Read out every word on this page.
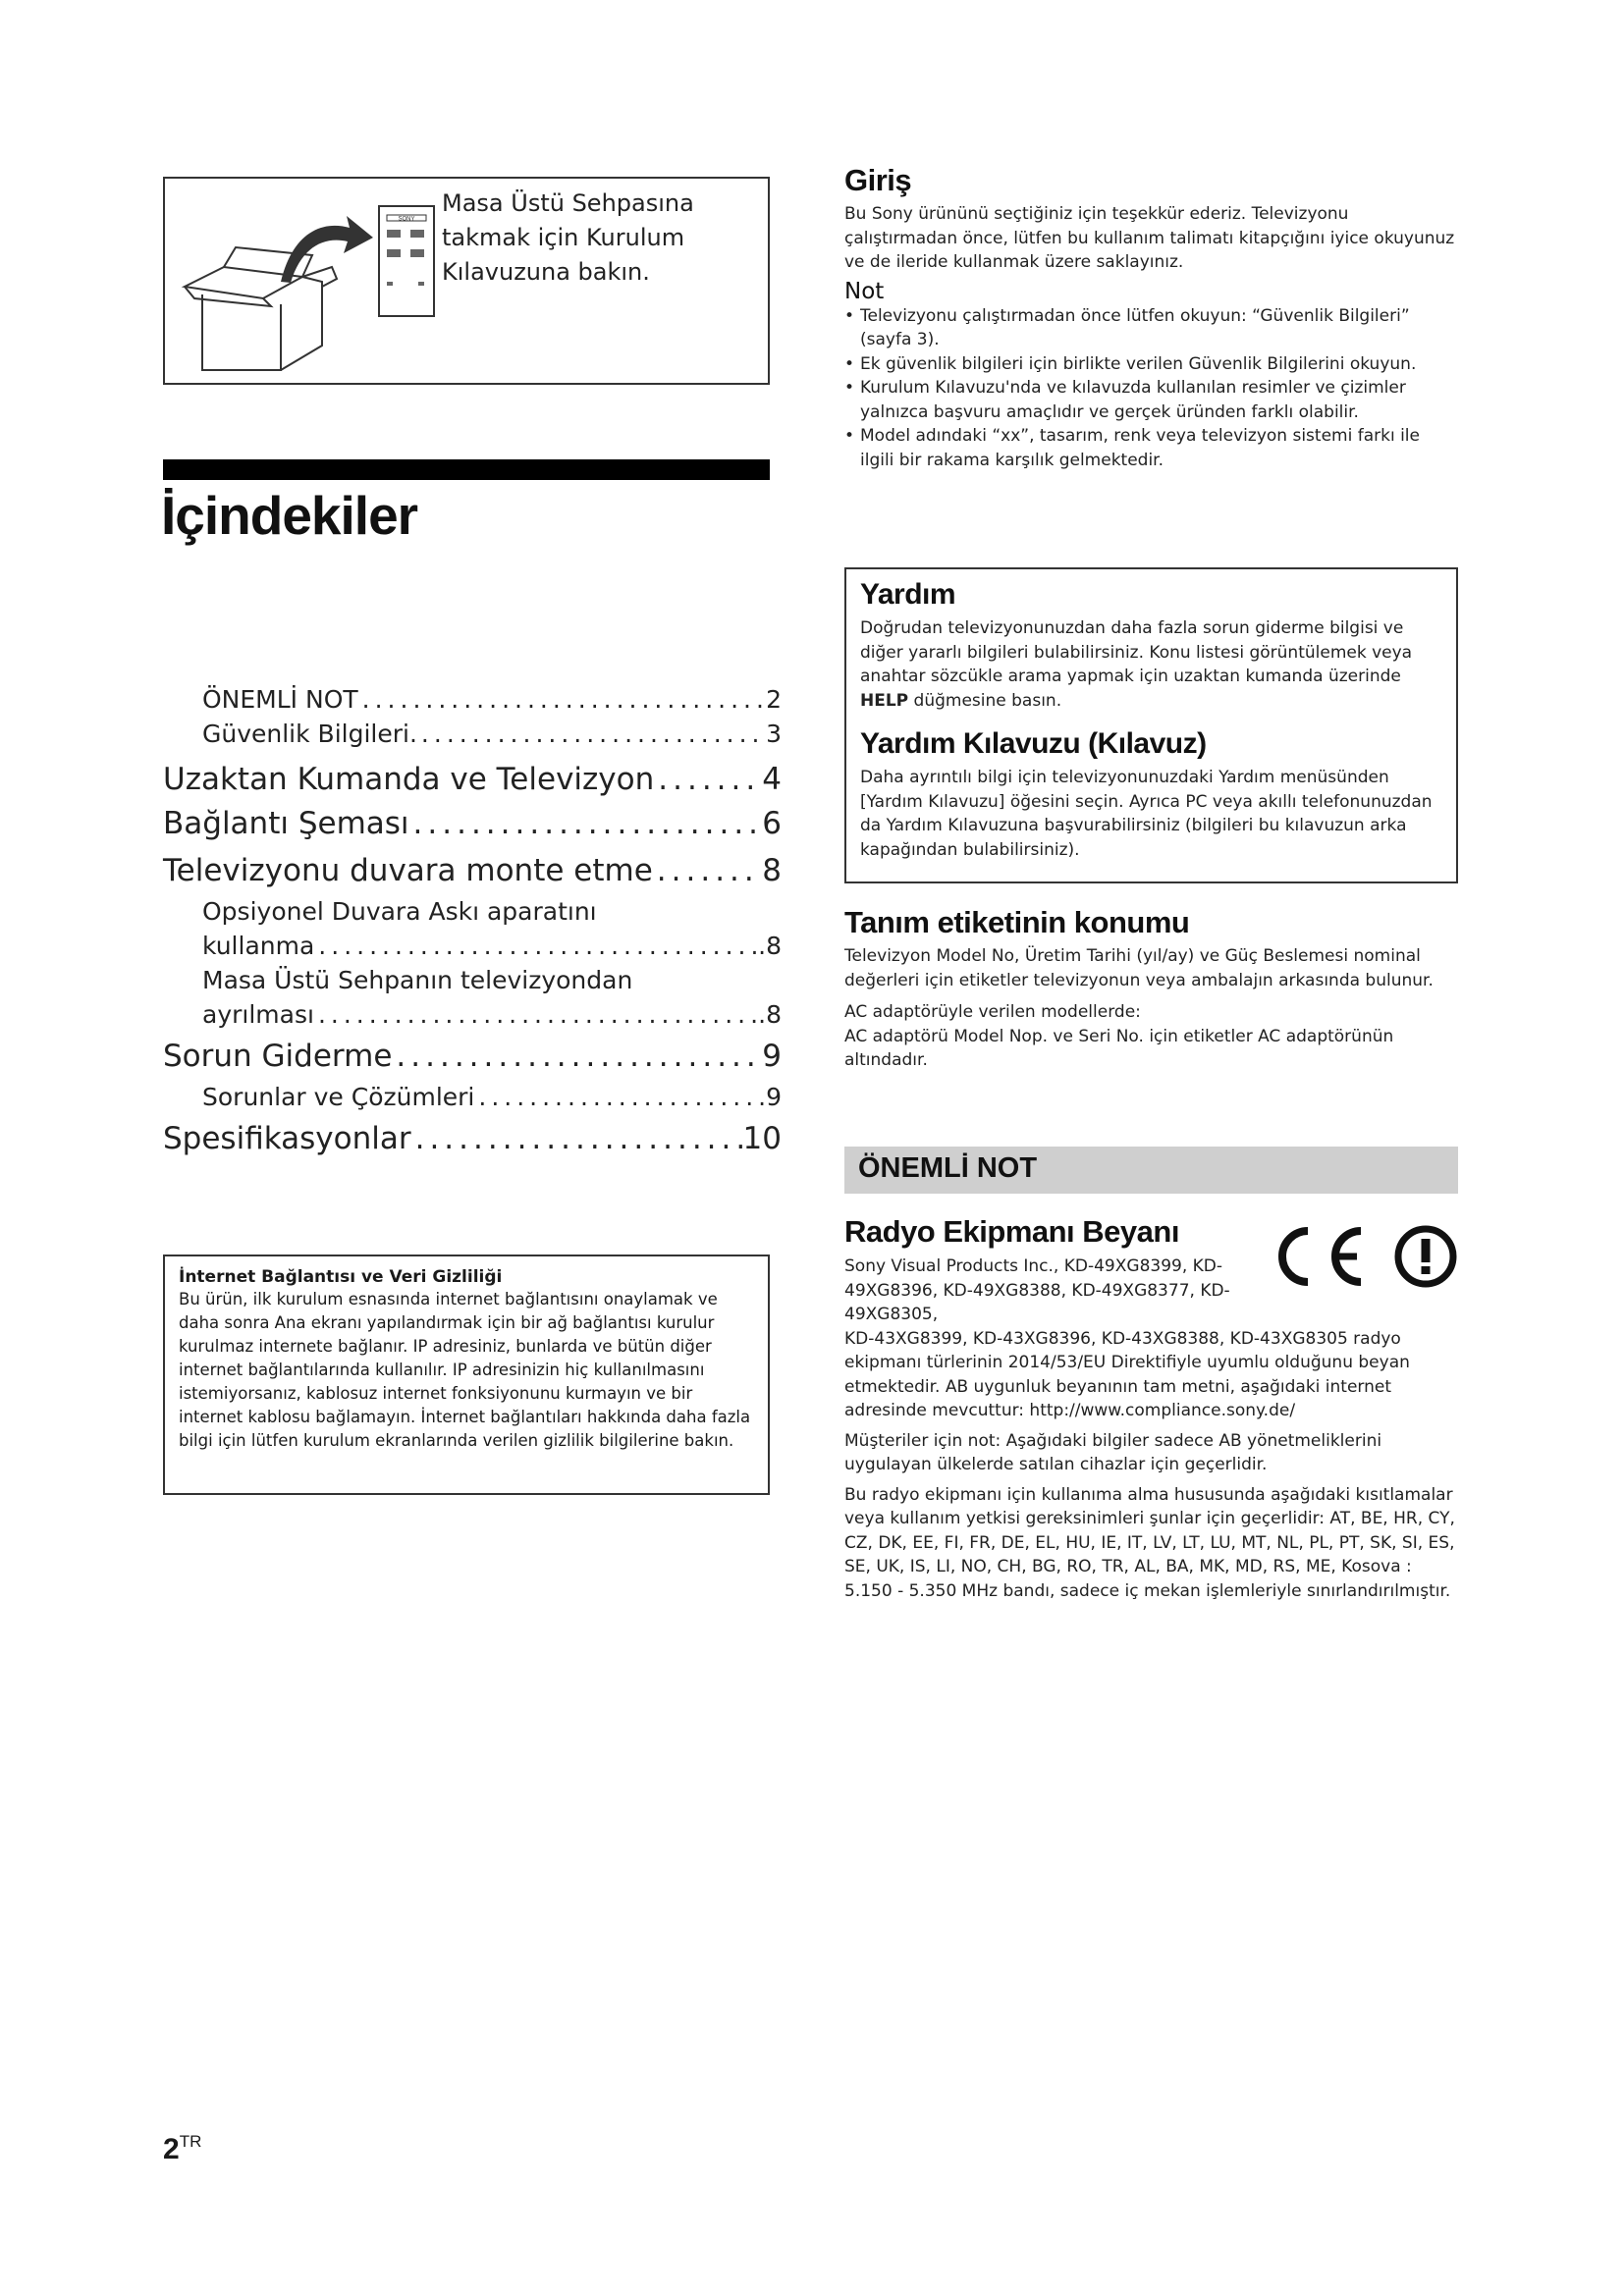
SONY
Masa Üstü Sehpasına
takmak için Kurulum
Kılavuzuna bakın.
İçindekiler
ÖNEMLİ NOT .....	2
Güvenlik Bilgileri. .....	3
Uzaktan Kumanda ve Televizyon .....	4
Bağlantı Şeması .....	6
Televizyonu duvara monte etme .....	8
Opsiyonel Duvara Askı aparatını
kullanma .....	.8
Masa Üstü Sehpanın televizyondan
ayrılması .....	.8
Sorun Giderme .....	9
Sorunlar ve Çözümleri .....	.9
Spesifikasyonlar .....	10
İnternet Bağlantısı ve Veri Gizliliği
Bu ürün, ilk kurulum esnasında internet bağlantısını onaylamak ve daha sonra Ana ekranı yapılandırmak için bir ağ bağlantısı kurulur kurulmaz internete bağlanır. IP adresiniz, bunlarda ve bütün diğer internet bağlantılarında kullanılır. IP adresinizin hiç kullanılmasını istemiyorsanız, kablosuz internet fonksiyonunu kurmayın ve bir internet kablosu bağlamayın. İnternet bağlantıları hakkında daha fazla bilgi için lütfen kurulum ekranlarında verilen gizlilik bilgilerine bakın.
$2^{TR}$
Giriş

Bu Sony ürününü seçtiğiniz için teşekkür ederiz. Televizyonu çalıştırmadan önce, lütfen bu kullanım talimatı kitapçığını iyice okuyunuz ve de ileride kullanmak üzere saklayınız.

Not
• Televizyonu çalıştırmadan önce lütfen okuyun: “Güvenlik Bilgileri” (sayfa 3).
• Ek güvenlik bilgileri için birlikte verilen Güvenlik Bilgilerini okuyun.
• Kurulum Kılavuzu'nda ve kılavuzda kullanılan resimler ve çizimler yalnızca başvuru amaçlıdır ve gerçek üründen farklı olabilir.
• Model adındaki “xx”, tasarım, renk veya televizyon sistemi farkı ile ilgili bir rakama karşılık gelmektedir.
Yardım

Doğrudan televizyonunuzdan daha fazla sorun giderme bilgisi ve diğer yararlı bilgileri bulabilirsiniz. Konu listesi görüntülemek veya anahtar sözcükle arama yapmak için uzaktan kumanda üzerinde HELP düğmesine basın.

Yardım Kılavuzu (Kılavuz)

Daha ayrıntılı bilgi için televizyonunuzdaki Yardım menüsünden [Yardım Kılavuzu] öğesini seçin. Ayrıca PC veya akıllı telefonunuzdan da Yardım Kılavuzuna başvurabilirsiniz (bilgileri bu kılavuzun arka kapağından bulabilirsiniz).

Tanım etiketinin konumu

Televizyon Model No, Üretim Tarihi (yıl/ay) ve Güç Beslemesi nominal değerleri için etiketler televizyonun veya ambalajın arkasında bulunur.

AC adaptörüyle verilen modellerde:

AC adaptörü Model Nop. ve Seri No. için etiketler AC adaptörünün altındadır.

ÖNEMLİ NOT
Radyo Ekipmanı Beyanı

Sony Visual Products Inc., KD-49XG8399, KD-49XG8396, KD-49XG8388, KD-49XG8377, KD-49XG8305,

KD-43XG8399, KD-43XG8396, KD-43XG8388, KD-43XG8305 radyo ekipmanı türlerinin 2014/53/EU Direktifiyle uyumlu olduğunu beyan etmektedir. AB uygunluk beyanının tam metni, aşağıdaki internet adresinde mevcuttur: http://www.compliance.sony.de/

Müşteriler için not: Aşağıdaki bilgiler sadece AB yönetmeliklerini uygulayan ülkelerde satılan cihazlar için geçerlidir.

Bu radyo ekipmanı için kullanıma alma hususunda aşağıdaki kısıtlamalar veya kullanım yetkisi gereksinimleri şunlar için geçerlidir: AT, BE, HR, CY, CZ, DK, EE, FI, FR, DE, EL, HU, IE, IT, LV, LT, LU, MT, NL, PL, PT, SK, SI, ES, SE, UK, IS, LI, NO, CH, BG, RO, TR, AL, BA, MK, MD, RS, ME, Kosova :

5.150 - 5.350 MHz bandı, sadece iç mekan işlemleriyle sınırlandırılmıştır.
